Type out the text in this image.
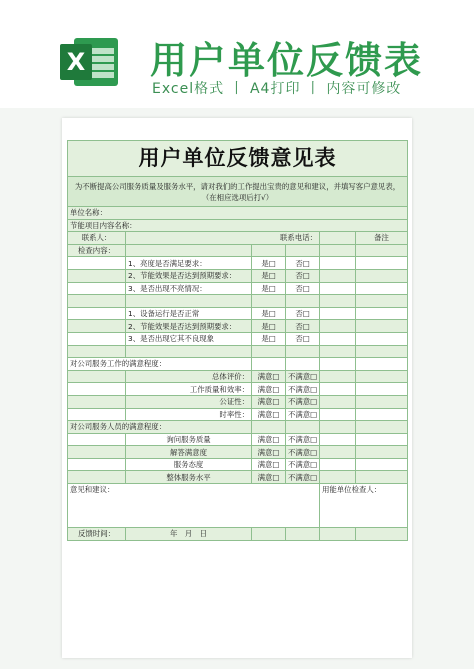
X 用户单位反馈表
Excel格式 丨 A4打印 丨 内容可修改
用户单位反馈意见表					
为不断提高公司服务质量及服务水平，请对我们的工作提出宝贵的意见和建议，并填写客户意见表，（在相应选项后打√）					
单位名称：					
节能项目内容名称：					
联系人：	联系电话：				备注
检查内容：					
	1、亮度是否满足要求：	是□	否□		
	2、节能效果是否达到预期要求：	是□	否□		
	3、是否出现不亮情况：	是□	否□		

	1、设备运行是否正常	是□	否□		
	2、节能效果是否达到预期要求：	是□	否□		
	3、是否出现它其不良现象	是□	否□		

对公司服务工作的满意程度：					
	总体评价：	满意□	不满意□		
	工作质量和效率：	满意□	不满意□		
	公证性：	满意□	不满意□		
	时率性：	满意□	不满意□		
对公司服务人员的满意程度：					
	询问服务质量	满意□	不满意□		
	解答满意度	满意□	不满意□		
	服务态度	满意□	不满意□		
	整体服务水平	满意□	不满意□		
意见和建议：				用能单位检查人：	
反馈时间：	年　月　日				
